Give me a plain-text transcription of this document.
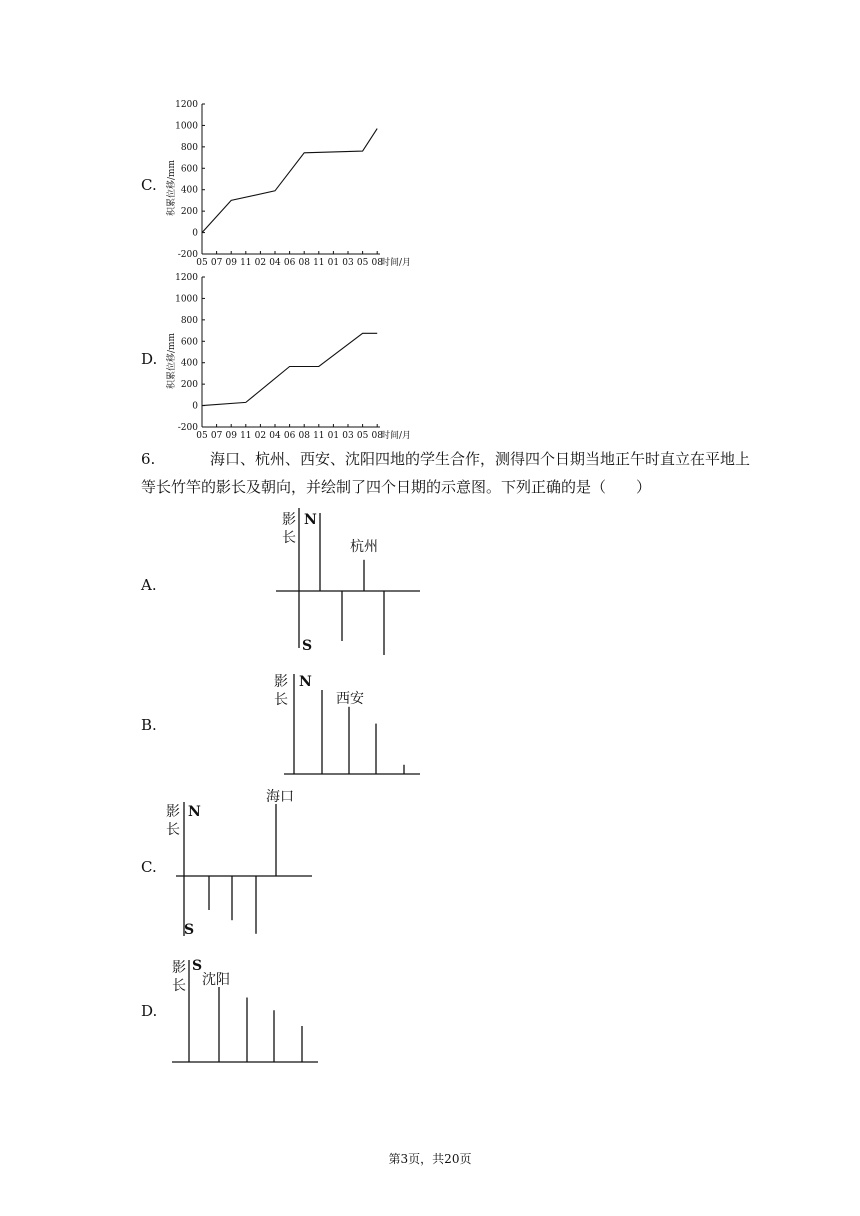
C. 积累位移/mm
1200
1000
800
600
400
200
0
-200
05 07 09 11 02 04 06 08 11 01 03 05 08
时间/月
D. 积累位移/mm
1200
1000
800
600
400
200
0
-200
05 07 09 11 02 04 06 08 11 01 03 05 08
时间/月
6.	海口、杭州、西安、沈阳四地的学生合作，测得四个日期当地正午时直立在平地上
等长竹竿的影长及朝向，并绘制了四个日期的示意图。下列正确的是（　　）
A.
影
长
N
S
杭州
B.
影
长
N
西安
C.
影
长
N
S
海口
D.
影
长
S
沈阳
第3页，共20页
